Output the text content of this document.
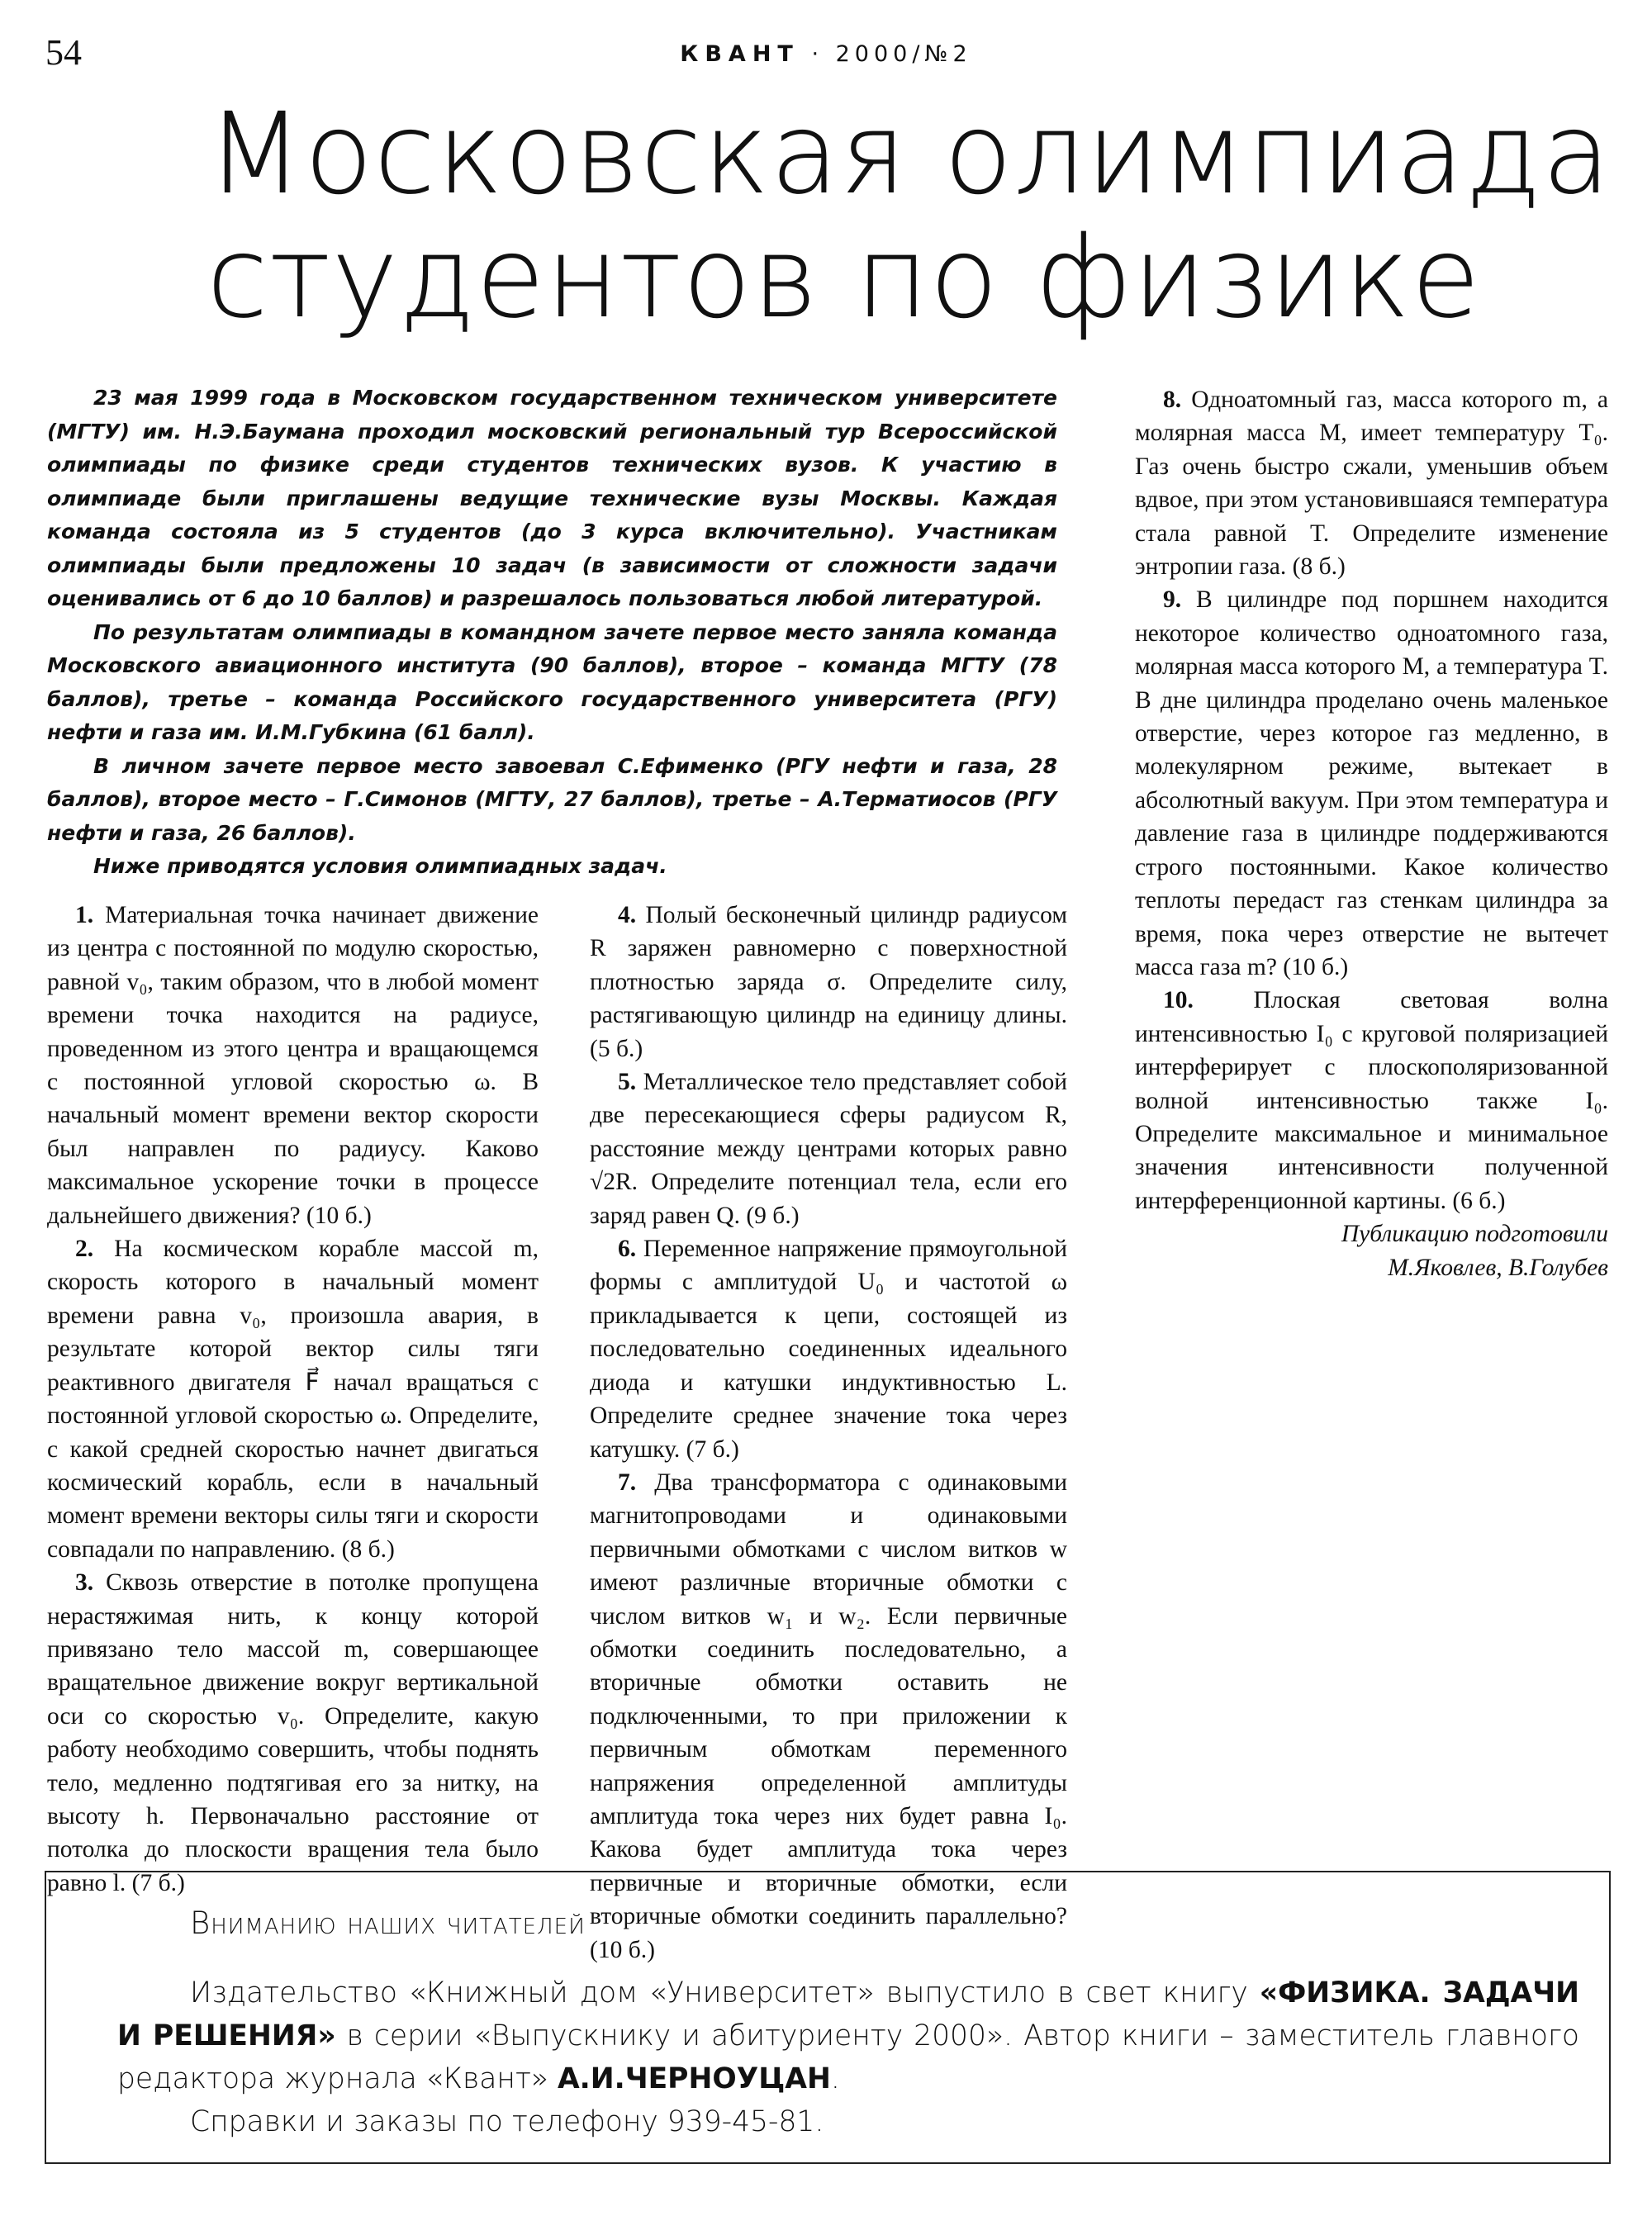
54	КВАНТ · 2000/№2
Московская олимпиада
студентов по физике

23 мая 1999 года в Московском государственном техническом университете (МГТУ) им. Н.Э.Баумана проходил московский региональный тур Всероссийской олимпиады по физике среди студентов технических вузов. К участию в олимпиаде были приглашены ведущие технические вузы Москвы. Каждая команда состояла из 5 студентов (до 3 курса включительно). Участникам олимпиады были предложены 10 задач (в зависимости от сложности задачи оценивались от 6 до 10 баллов) и разрешалось пользоваться любой литературой.

По результатам олимпиады в командном зачете первое место заняла команда Московского авиационного института (90 баллов), второе – команда МГТУ (78 баллов), третье – команда Российского государственного университета (РГУ) нефти и газа им. И.М.Губкина (61 балл).

В личном зачете первое место завоевал С.Ефименко (РГУ нефти и газа, 28 баллов), второе место – Г.Симонов (МГТУ, 27 баллов), третье – А.Терматиосов (РГУ нефти и газа, 26 баллов).

Ниже приводятся условия олимпиадных задач.

1. Материальная точка начинает движение из центра с постоянной по модулю скоростью, равной v₀, таким образом, что в любой момент времени точка находится на радиусе, проведенном из этого центра и вращающемся с постоянной угловой скоростью ω. В начальный момент времени вектор скорости был направлен по радиусу. Каково максимальное ускорение точки в процессе дальнейшего движения? (10 б.)

2. На космическом корабле массой m, скорость которого в начальный момент времени равна v₀, произошла авария, в результате которой вектор силы тяги реактивного двигателя F⃗ начал вращаться с постоянной угловой скоростью ω. Определите, с какой средней скоростью начнет двигаться космический корабль, если в начальный момент времени векторы силы тяги и скорости совпадали по направлению. (8 б.)

3. Сквозь отверстие в потолке пропущена нерастяжимая нить, к концу которой привязано тело массой m, совершающее вращательное движение вокруг вертикальной оси со скоростью v₀. Определите, какую работу необходимо совершить, чтобы поднять тело, медленно подтягивая его за нитку, на высоту h. Первоначально расстояние от потолка до плоскости вращения тела было равно l. (7 б.)

4. Полый бесконечный цилиндр радиусом R заряжен равномерно с поверхностной плотностью заряда σ. Определите силу, растягивающую цилиндр на единицу длины. (5 б.)

5. Металлическое тело представляет собой две пересекающиеся сферы радиусом R, расстояние между центрами которых равно √2R. Определите потенциал тела, если его заряд равен Q. (9 б.)

6. Переменное напряжение прямоугольной формы с амплитудой U₀ и частотой ω прикладывается к цепи, состоящей из последовательно соединенных идеального диода и катушки индуктивностью L. Определите среднее значение тока через катушку. (7 б.)

7. Два трансформатора с одинаковыми магнитопроводами и одинаковыми первичными обмотками с числом витков w имеют различные вторичные обмотки с числом витков w₁ и w₂. Если первичные обмотки соединить последовательно, а вторичные обмотки оставить не подключенными, то при приложении к первичным обмоткам переменного напряжения определенной амплитуды амплитуда тока через них будет равна I₀. Какова будет амплитуда тока через первичные и вторичные обмотки, если вторичные обмотки соединить параллельно? (10 б.)

8. Одноатомный газ, масса которого m, а молярная масса M, имеет температуру T₀. Газ очень быстро сжали, уменьшив объем вдвое, при этом установившаяся температура стала равной T. Определите изменение энтропии газа. (8 б.)

9. В цилиндре под поршнем находится некоторое количество одноатомного газа, молярная масса которого M, а температура T. В дне цилиндра проделано очень маленькое отверстие, через которое газ медленно, в молекулярном режиме, вытекает в абсолютный вакуум. При этом температура и давление газа в цилиндре поддерживаются строго постоянными. Какое количество теплоты передаст газ стенкам цилиндра за время, пока через отверстие не вытечет масса газа m? (10 б.)

10. Плоская световая волна интенсивностью I₀ с круговой поляризацией интерферирует с плоскополяризованной волной интенсивностью также I₀. Определите максимальное и минимальное значения интенсивности полученной интерференционной картины. (6 б.)

Публикацию подготовили

М.Яковлев, В.Голубев

Вниманию наших читателей

Издательство «Книжный дом «Университет» выпустило в свет книгу «ФИЗИКА. ЗАДАЧИ И РЕШЕНИЯ» в серии «Выпускнику и абитуриенту 2000». Автор книги – заместитель главного редактора журнала «Квант» А.И.ЧЕРНОУЦАН.

Справки и заказы по телефону 939-45-81.
